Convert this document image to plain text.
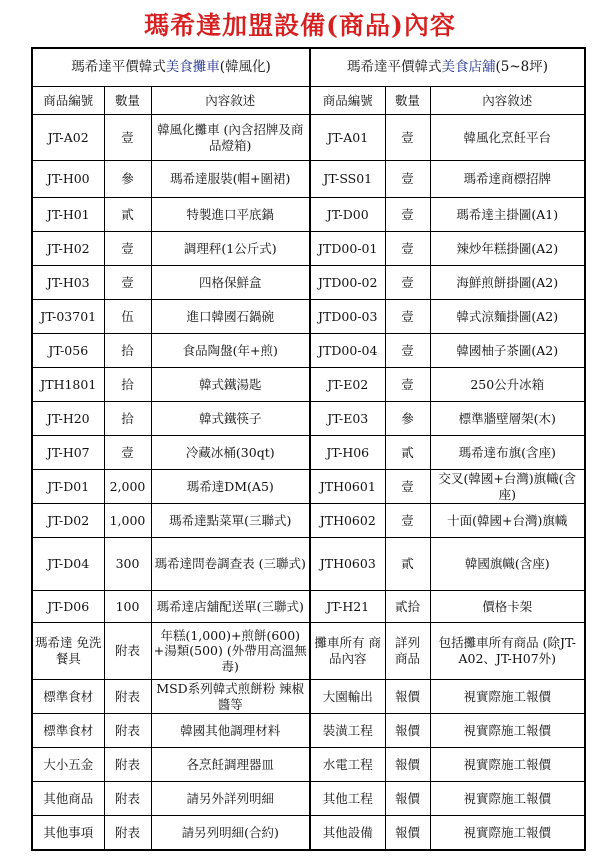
瑪希達加盟設備(商品)內容
瑪希達平價韓式美食攤車(韓風化)			瑪希達平價韓式美食店舖(5~8坪)		
商品編號	數量	內容敘述	商品編號	數量	內容敘述
JT-A02	壹	韓風化攤車 (內含招牌及商品燈箱)	JT-A01	壹	韓風化烹飪平台
JT-H00	參	瑪希達服裝(帽+圍裙)	JT-SS01	壹	瑪希達商標招牌
JT-H01	貳	特製進口平底鍋	JT-D00	壹	瑪希達主掛圖(A1)
JT-H02	壹	調理秤(1公斤式)	JTD00-01	壹	辣炒年糕掛圖(A2)
JT-H03	壹	四格保鮮盒	JTD00-02	壹	海鮮煎餅掛圖(A2)
JT-03701	伍	進口韓國石鍋碗	JTD00-03	壹	韓式涼麵掛圖(A2)
JT-056	拾	食品陶盤(年+煎)	JTD00-04	壹	韓國柚子茶圖(A2)
JTH1801	拾	韓式鐵湯匙	JT-E02	壹	250公升冰箱
JT-H20	拾	韓式鐵筷子	JT-E03	參	標準牆壁層架(木)
JT-H07	壹	冷藏冰桶(30qt)	JT-H06	貳	瑪希達布旗(含座)
JT-D01	2,000	瑪希達DM(A5)	JTH0601	壹	交叉(韓國+台灣)旗幟(含座)
JT-D02	1,000	瑪希達點菜單(三聯式)	JTH0602	壹	十面(韓國+台灣)旗幟
JT-D04	300	瑪希達問卷調查表 (三聯式)	JTH0603	貳	韓國旗幟(含座)
JT-D06	100	瑪希達店舖配送單(三聯式)	JT-H21	貳拾	價格卡架
瑪希達 免洗餐具	附表	年糕(1,000)+煎餅(600) +湯類(500) (外帶用高溫無毒)	攤車所有 商品內容	詳列 商品	包括攤車所有商品 (除JT-A02、JT-H07外)
標準食材	附表	MSD系列韓式煎餅粉 辣椒醬等	大園輸出	報價	視實際施工報價
標準食材	附表	韓國其他調理材料	裝潢工程	報價	視實際施工報價
大小五金	附表	各烹飪調理器皿	水電工程	報價	視實際施工報價
其他商品	附表	請另外詳列明細	其他工程	報價	視實際施工報價
其他事項	附表	請另列明細(合約)	其他設備	報價	視實際施工報價
